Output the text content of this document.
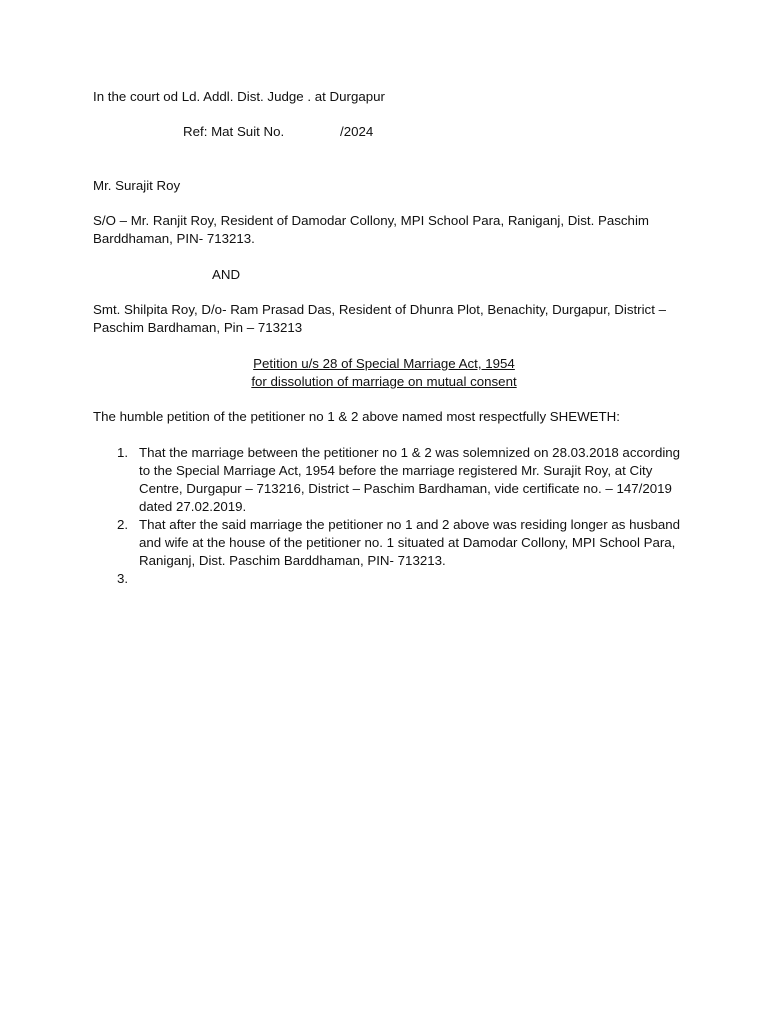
In the court od Ld. Addl. Dist. Judge . at Durgapur
Ref: Mat Suit No.	/2024
Mr. Surajit Roy
S/O – Mr. Ranjit Roy, Resident of Damodar Collony, MPI School Para, Raniganj, Dist. Paschim Barddhaman, PIN- 713213.
AND
Smt. Shilpita Roy, D/o- Ram Prasad Das, Resident of Dhunra Plot, Benachity, Durgapur, District – Paschim Bardhaman, Pin – 713213
Petition u/s 28 of Special Marriage Act, 1954
for dissolution of marriage on mutual consent
The humble petition of the petitioner no 1 & 2 above named most respectfully SHEWETH:
1. That the marriage between the petitioner no 1 & 2 was solemnized on 28.03.2018 according to the Special Marriage Act, 1954 before the marriage registered Mr. Surajit Roy, at City Centre, Durgapur – 713216, District – Paschim Bardhaman, vide certificate no. – 147/2019 dated 27.02.2019.
2. That after the said marriage the petitioner no 1 and 2 above was residing longer as husband and wife at the house of the petitioner no. 1 situated at Damodar Collony, MPI School Para, Raniganj, Dist. Paschim Barddhaman, PIN- 713213.
3.
